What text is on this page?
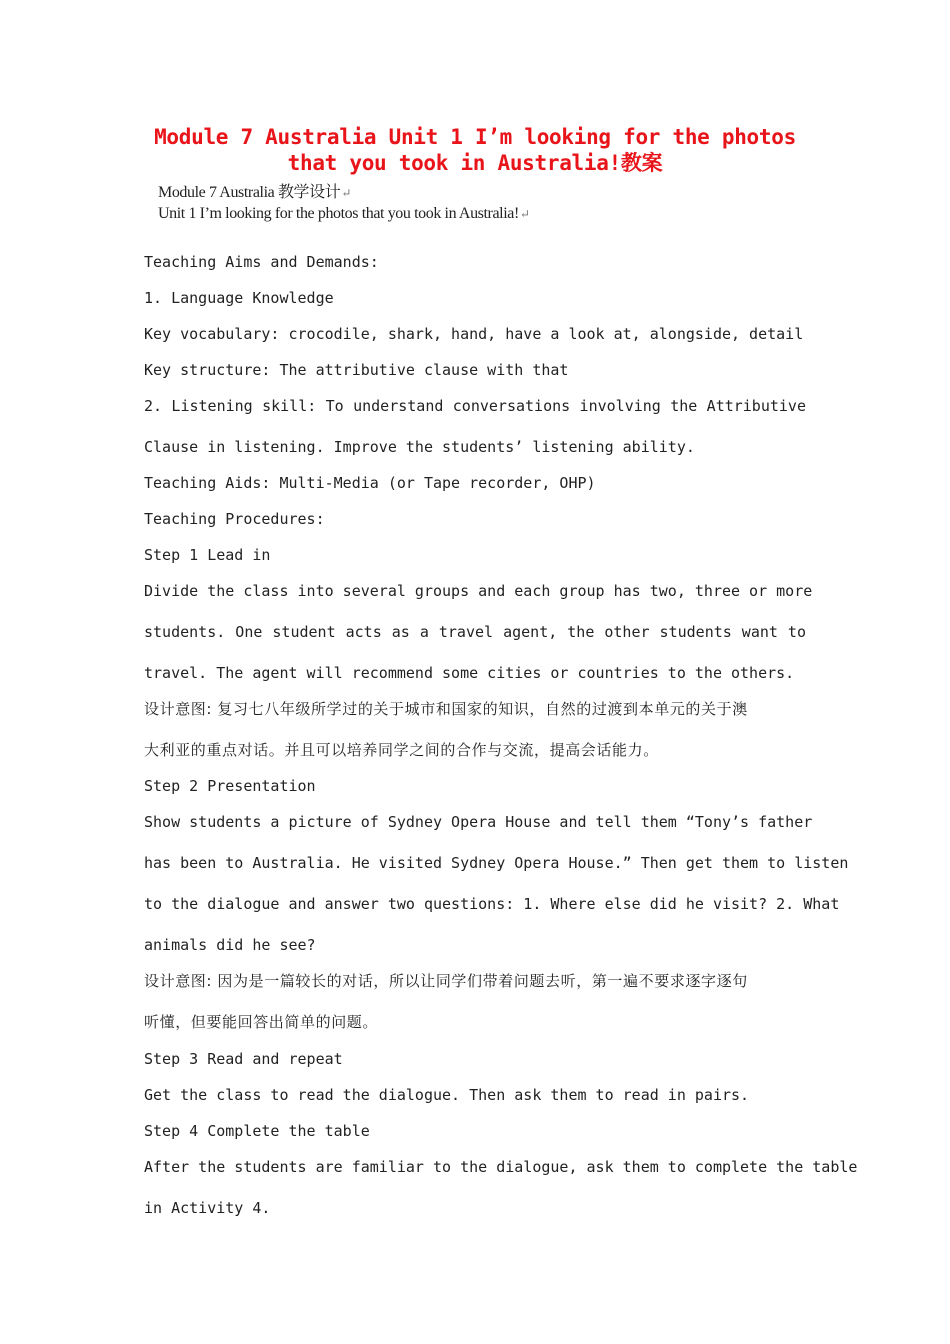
Module 7 Australia Unit 1 I’m looking for the photos that you took in Australia!教案
Module 7 Australia 教学设计↵
Unit 1 I’m looking for the photos that you took in Australia!↵
Teaching Aims and Demands:
1. Language Knowledge
Key vocabulary: crocodile, shark, hand, have a look at, alongside, detail
Key structure: The attributive clause with that
2. Listening skill: To understand conversations involving the Attributive
Clause in listening. Improve the students’ listening ability.
Teaching Aids: Multi-Media (or Tape recorder, OHP)
Teaching Procedures:
Step 1 Lead in
Divide the class into several groups and each group has two, three or more
students. One student acts as a travel agent, the other students want to
travel. The agent will recommend some cities or countries to the others.
设计意图: 复习七八年级所学过的关于城市和国家的知识，自然的过渡到本单元的关于澳
大利亚的重点对话。并且可以培养同学之间的合作与交流，提高会话能力。
Step 2 Presentation
Show students a picture of Sydney Opera House and tell them “Tony’s father
has been to Australia. He visited Sydney Opera House.” Then get them to listen
to the dialogue and answer two questions: 1. Where else did he visit? 2. What
animals did he see?
设计意图: 因为是一篇较长的对话，所以让同学们带着问题去听，第一遍不要求逐字逐句
听懂，但要能回答出简单的问题。
Step 3 Read and repeat
Get the class to read the dialogue. Then ask them to read in pairs.
Step 4 Complete the table
After the students are familiar to the dialogue, ask them to complete the table
in Activity 4.
